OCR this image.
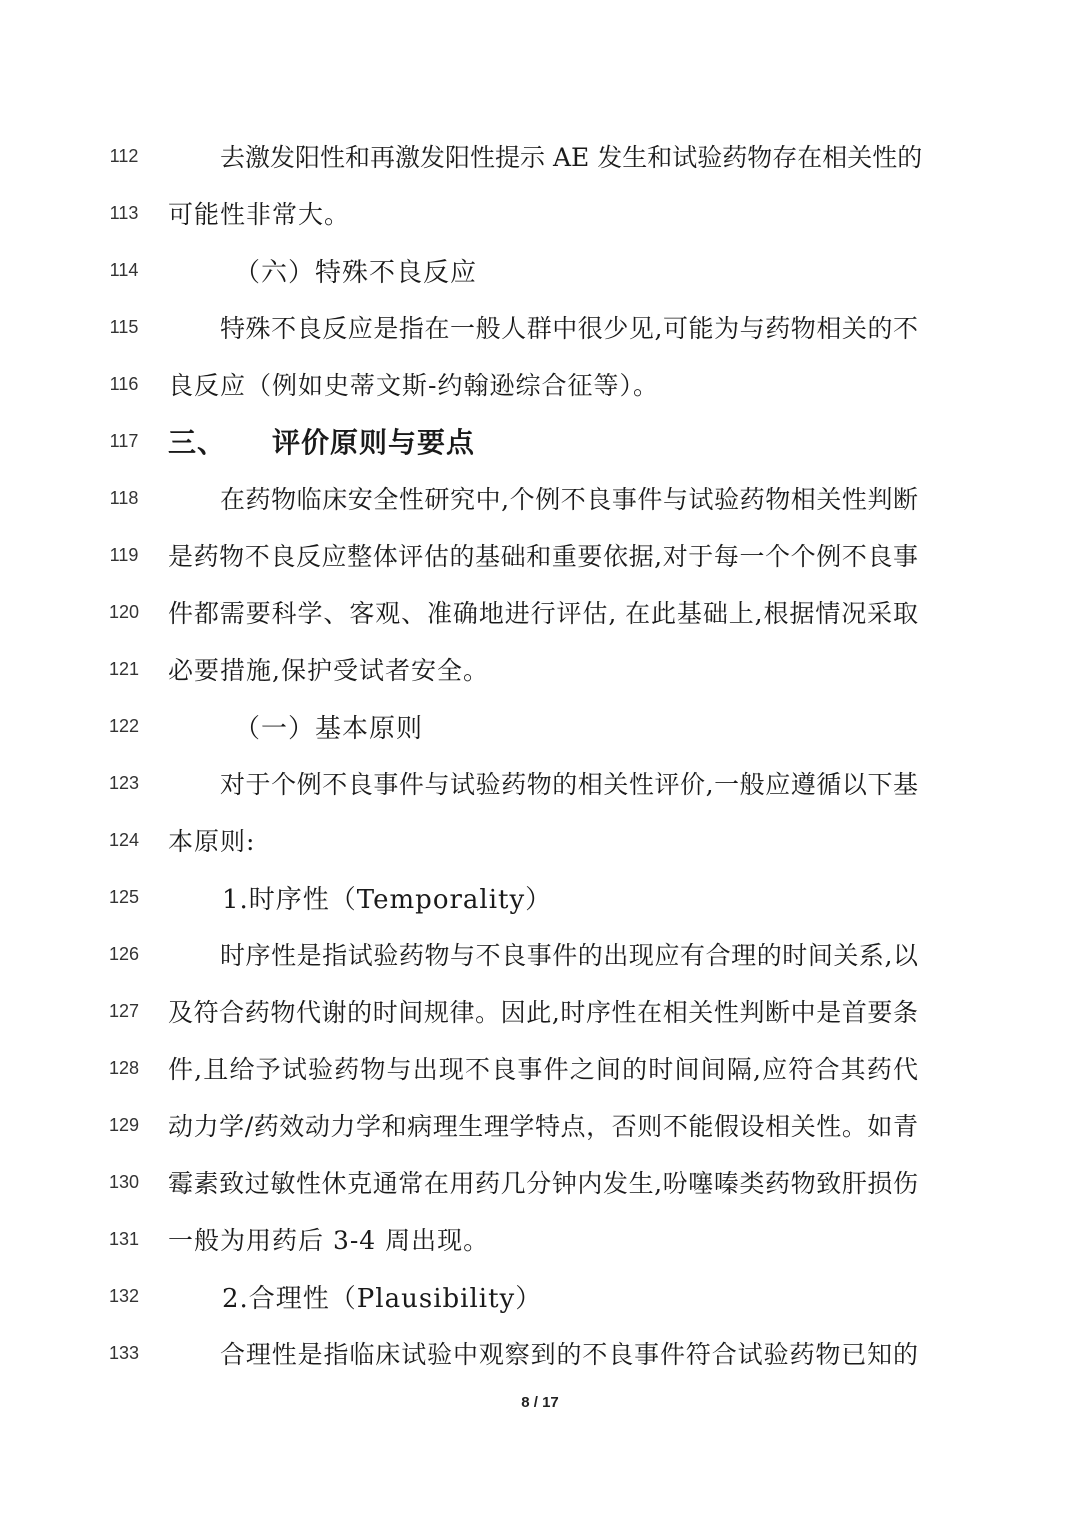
112	去激发阳性和再激发阳性提示 AE 发生和试验药物存在相关性的
113 可能性非常大。
114	（六）特殊不良反应
115	特殊不良反应是指在一般人群中很少见,可能为与药物相关的不
116 良反应（例如史蒂文斯-约翰逊综合征等）。
117 三、 评价原则与要点
118	在药物临床安全性研究中,个例不良事件与试验药物相关性判断
119 是药物不良反应整体评估的基础和重要依据,对于每一个个例不良事
120 件都需要科学、客观、准确地进行评估, 在此基础上,根据情况采取
121 必要措施,保护受试者安全。
122	（一）基本原则
123	对于个例不良事件与试验药物的相关性评价,一般应遵循以下基
124 本原则:
125	1.时序性（Temporality）
126	时序性是指试验药物与不良事件的出现应有合理的时间关系,以
127 及符合药物代谢的时间规律。因此,时序性在相关性判断中是首要条
128 件,且给予试验药物与出现不良事件之间的时间间隔,应符合其药代
129 动力学/药效动力学和病理生理学特点，否则不能假设相关性。如青
130 霉素致过敏性休克通常在用药几分钟内发生,吩噻嗪类药物致肝损伤
131 一般为用药后 3-4 周出现。
132	2.合理性（Plausibility）
133	合理性是指临床试验中观察到的不良事件符合试验药物已知的
8 / 17
